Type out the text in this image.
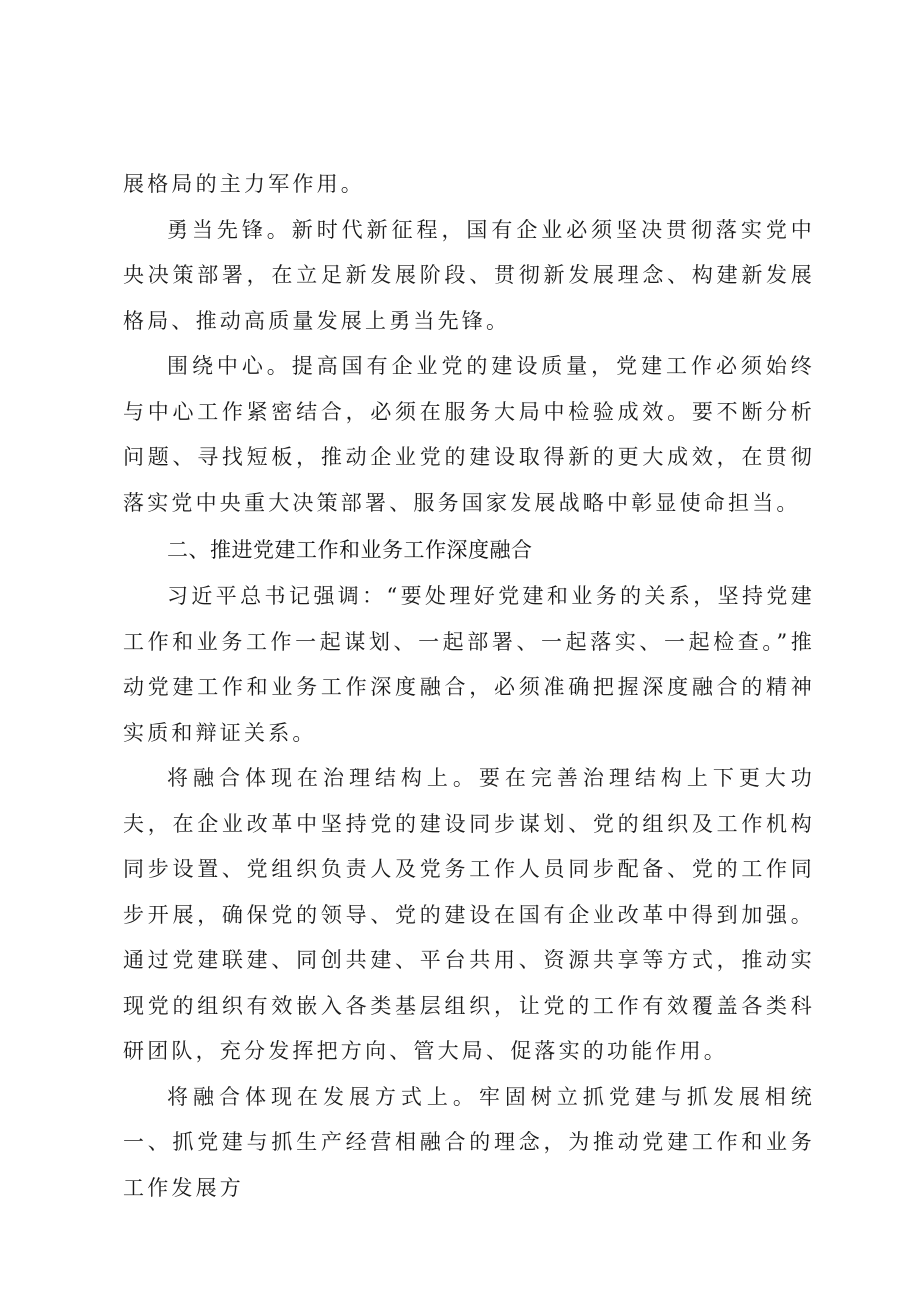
展格局的主力军作用。

勇当先锋。新时代新征程，国有企业必须坚决贯彻落实党中央决策部署，在立足新发展阶段、贯彻新发展理念、构建新发展格局、推动高质量发展上勇当先锋。

围绕中心。提高国有企业党的建设质量，党建工作必须始终与中心工作紧密结合，必须在服务大局中检验成效。要不断分析问题、寻找短板，推动企业党的建设取得新的更大成效，在贯彻落实党中央重大决策部署、服务国家发展战略中彰显使命担当。

二、推进党建工作和业务工作深度融合

习近平总书记强调：“要处理好党建和业务的关系，坚持党建工作和业务工作一起谋划、一起部署、一起落实、一起检查。”推动党建工作和业务工作深度融合，必须准确把握深度融合的精神实质和辩证关系。

将融合体现在治理结构上。要在完善治理结构上下更大功夫，在企业改革中坚持党的建设同步谋划、党的组织及工作机构同步设置、党组织负责人及党务工作人员同步配备、党的工作同步开展，确保党的领导、党的建设在国有企业改革中得到加强。通过党建联建、同创共建、平台共用、资源共享等方式，推动实现党的组织有效嵌入各类基层组织，让党的工作有效覆盖各类科研团队，充分发挥把方向、管大局、促落实的功能作用。

将融合体现在发展方式上。牢固树立抓党建与抓发展相统一、抓党建与抓生产经营相融合的理念，为推动党建工作和业务工作发展方
